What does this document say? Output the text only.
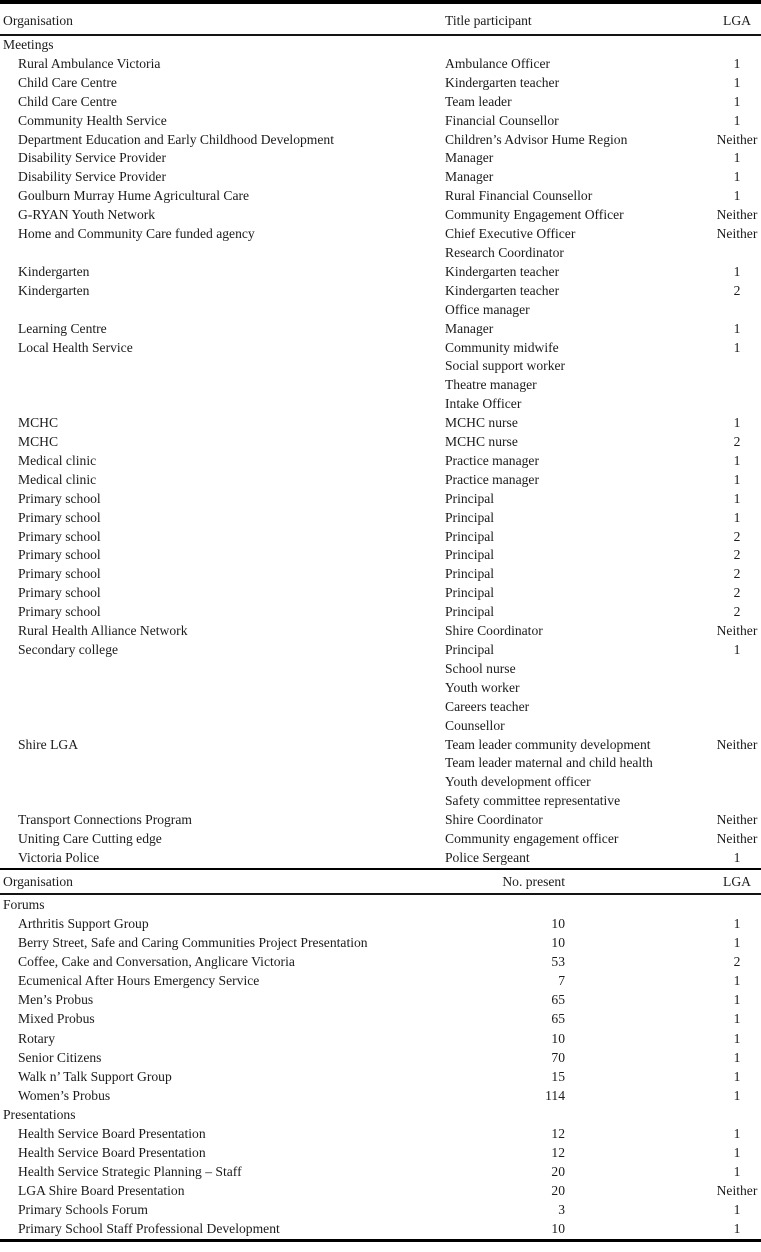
Organisation	Title participant	LGA
Meetings		
Rural Ambulance Victoria	Ambulance Officer	1
Child Care Centre	Kindergarten teacher	1
Child Care Centre	Team leader	1
Community Health Service	Financial Counsellor	1
Department Education and Early Childhood Development	Children’s Advisor Hume Region	Neither
Disability Service Provider	Manager	1
Disability Service Provider	Manager	1
Goulburn Murray Hume Agricultural Care	Rural Financial Counsellor	1
G-RYAN Youth Network	Community Engagement Officer	Neither
Home and Community Care funded agency	Chief Executive Officer	Neither
	Research Coordinator	
Kindergarten	Kindergarten teacher	1
Kindergarten	Kindergarten teacher	2
	Office manager	
Learning Centre	Manager	1
Local Health Service	Community midwife	1
	Social support worker	
	Theatre manager	
	Intake Officer	
MCHC	MCHC nurse	1
MCHC	MCHC nurse	2
Medical clinic	Practice manager	1
Medical clinic	Practice manager	1
Primary school	Principal	1
Primary school	Principal	1
Primary school	Principal	2
Primary school	Principal	2
Primary school	Principal	2
Primary school	Principal	2
Primary school	Principal	2
Rural Health Alliance Network	Shire Coordinator	Neither
Secondary college	Principal	1
	School nurse	
	Youth worker	
	Careers teacher	
	Counsellor	
Shire LGA	Team leader community development	Neither
	Team leader maternal and child health	
	Youth development officer	
	Safety committee representative	
Transport Connections Program	Shire Coordinator	Neither
Uniting Care Cutting edge	Community engagement officer	Neither
Victoria Police	Police Sergeant	1
Organisation	No. present	LGA
Forums		
Arthritis Support Group	10	1
Berry Street, Safe and Caring Communities Project Presentation	10	1
Coffee, Cake and Conversation, Anglicare Victoria	53	2
Ecumenical After Hours Emergency Service	7	1
Men’s Probus	65	1
Mixed Probus	65	1
Rotary	10	1
Senior Citizens	70	1
Walk n’ Talk Support Group	15	1
Women’s Probus	114	1
Presentations		
Health Service Board Presentation	12	1
Health Service Board Presentation	12	1
Health Service Strategic Planning – Staff	20	1
LGA Shire Board Presentation	20	Neither
Primary Schools Forum	3	1
Primary School Staff Professional Development	10	1
